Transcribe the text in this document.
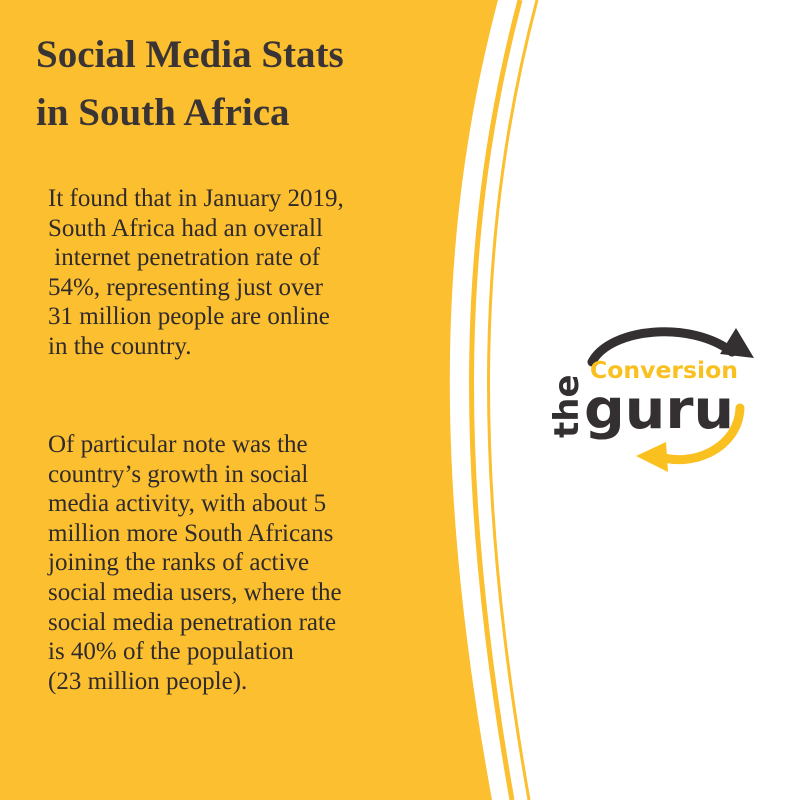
Social Media Stats
in South Africa

It found that in January 2019,
South Africa had an overall
internet penetration rate of
54%, representing just over
31 million people are online
in the country.

Of particular note was the
country’s growth in social
media activity, with about 5
million more South Africans
joining the ranks of active
social media users, where the
social media penetration rate
is 40% of the population
(23 million people).

the
Conversion
guru
